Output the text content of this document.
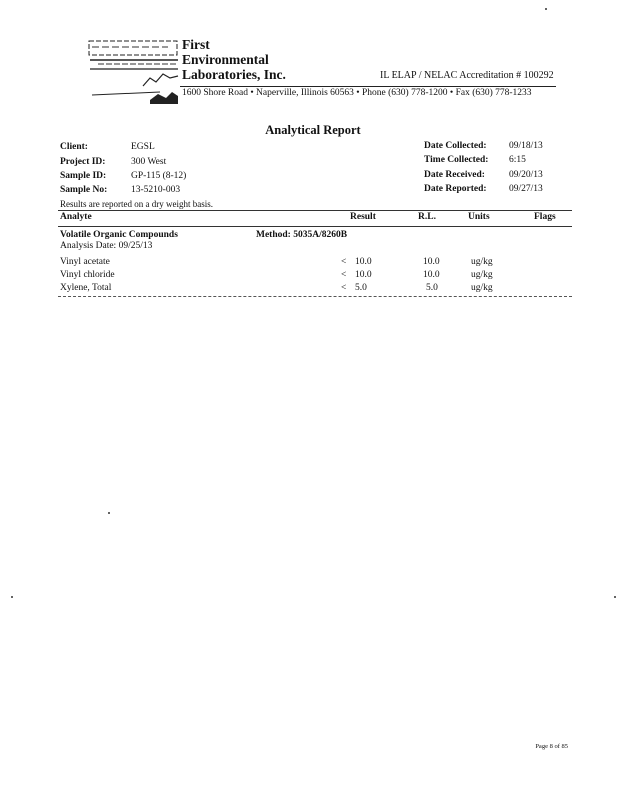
First
Environmental
Laboratories, Inc.	IL ELAP / NELAC Accreditation # 100292
1600 Shore Road • Naperville, Illinois 60563 • Phone (630) 778-1200 • Fax (630) 778-1233
Analytical Report
Client:	EGSL
Project ID:	300 West
Sample ID:	GP-115 (8-12)
Sample No:	13-5210-003
Date Collected: 09/18/13
Time Collected: 6:15
Date Received:	09/20/13
Date Reported: 09/27/13
Results are reported on a dry weight basis.
Analyte	Result	R.L.	Units	Flags
Volatile Organic Compounds	Method: 5035A/8260B
Analysis Date: 09/25/13
Vinyl acetate	< 10.0	10.0	ug/kg
Vinyl chloride	< 10.0	10.0	ug/kg
Xylene, Total	< 5.0	5.0	ug/kg
Page 8 of 85
